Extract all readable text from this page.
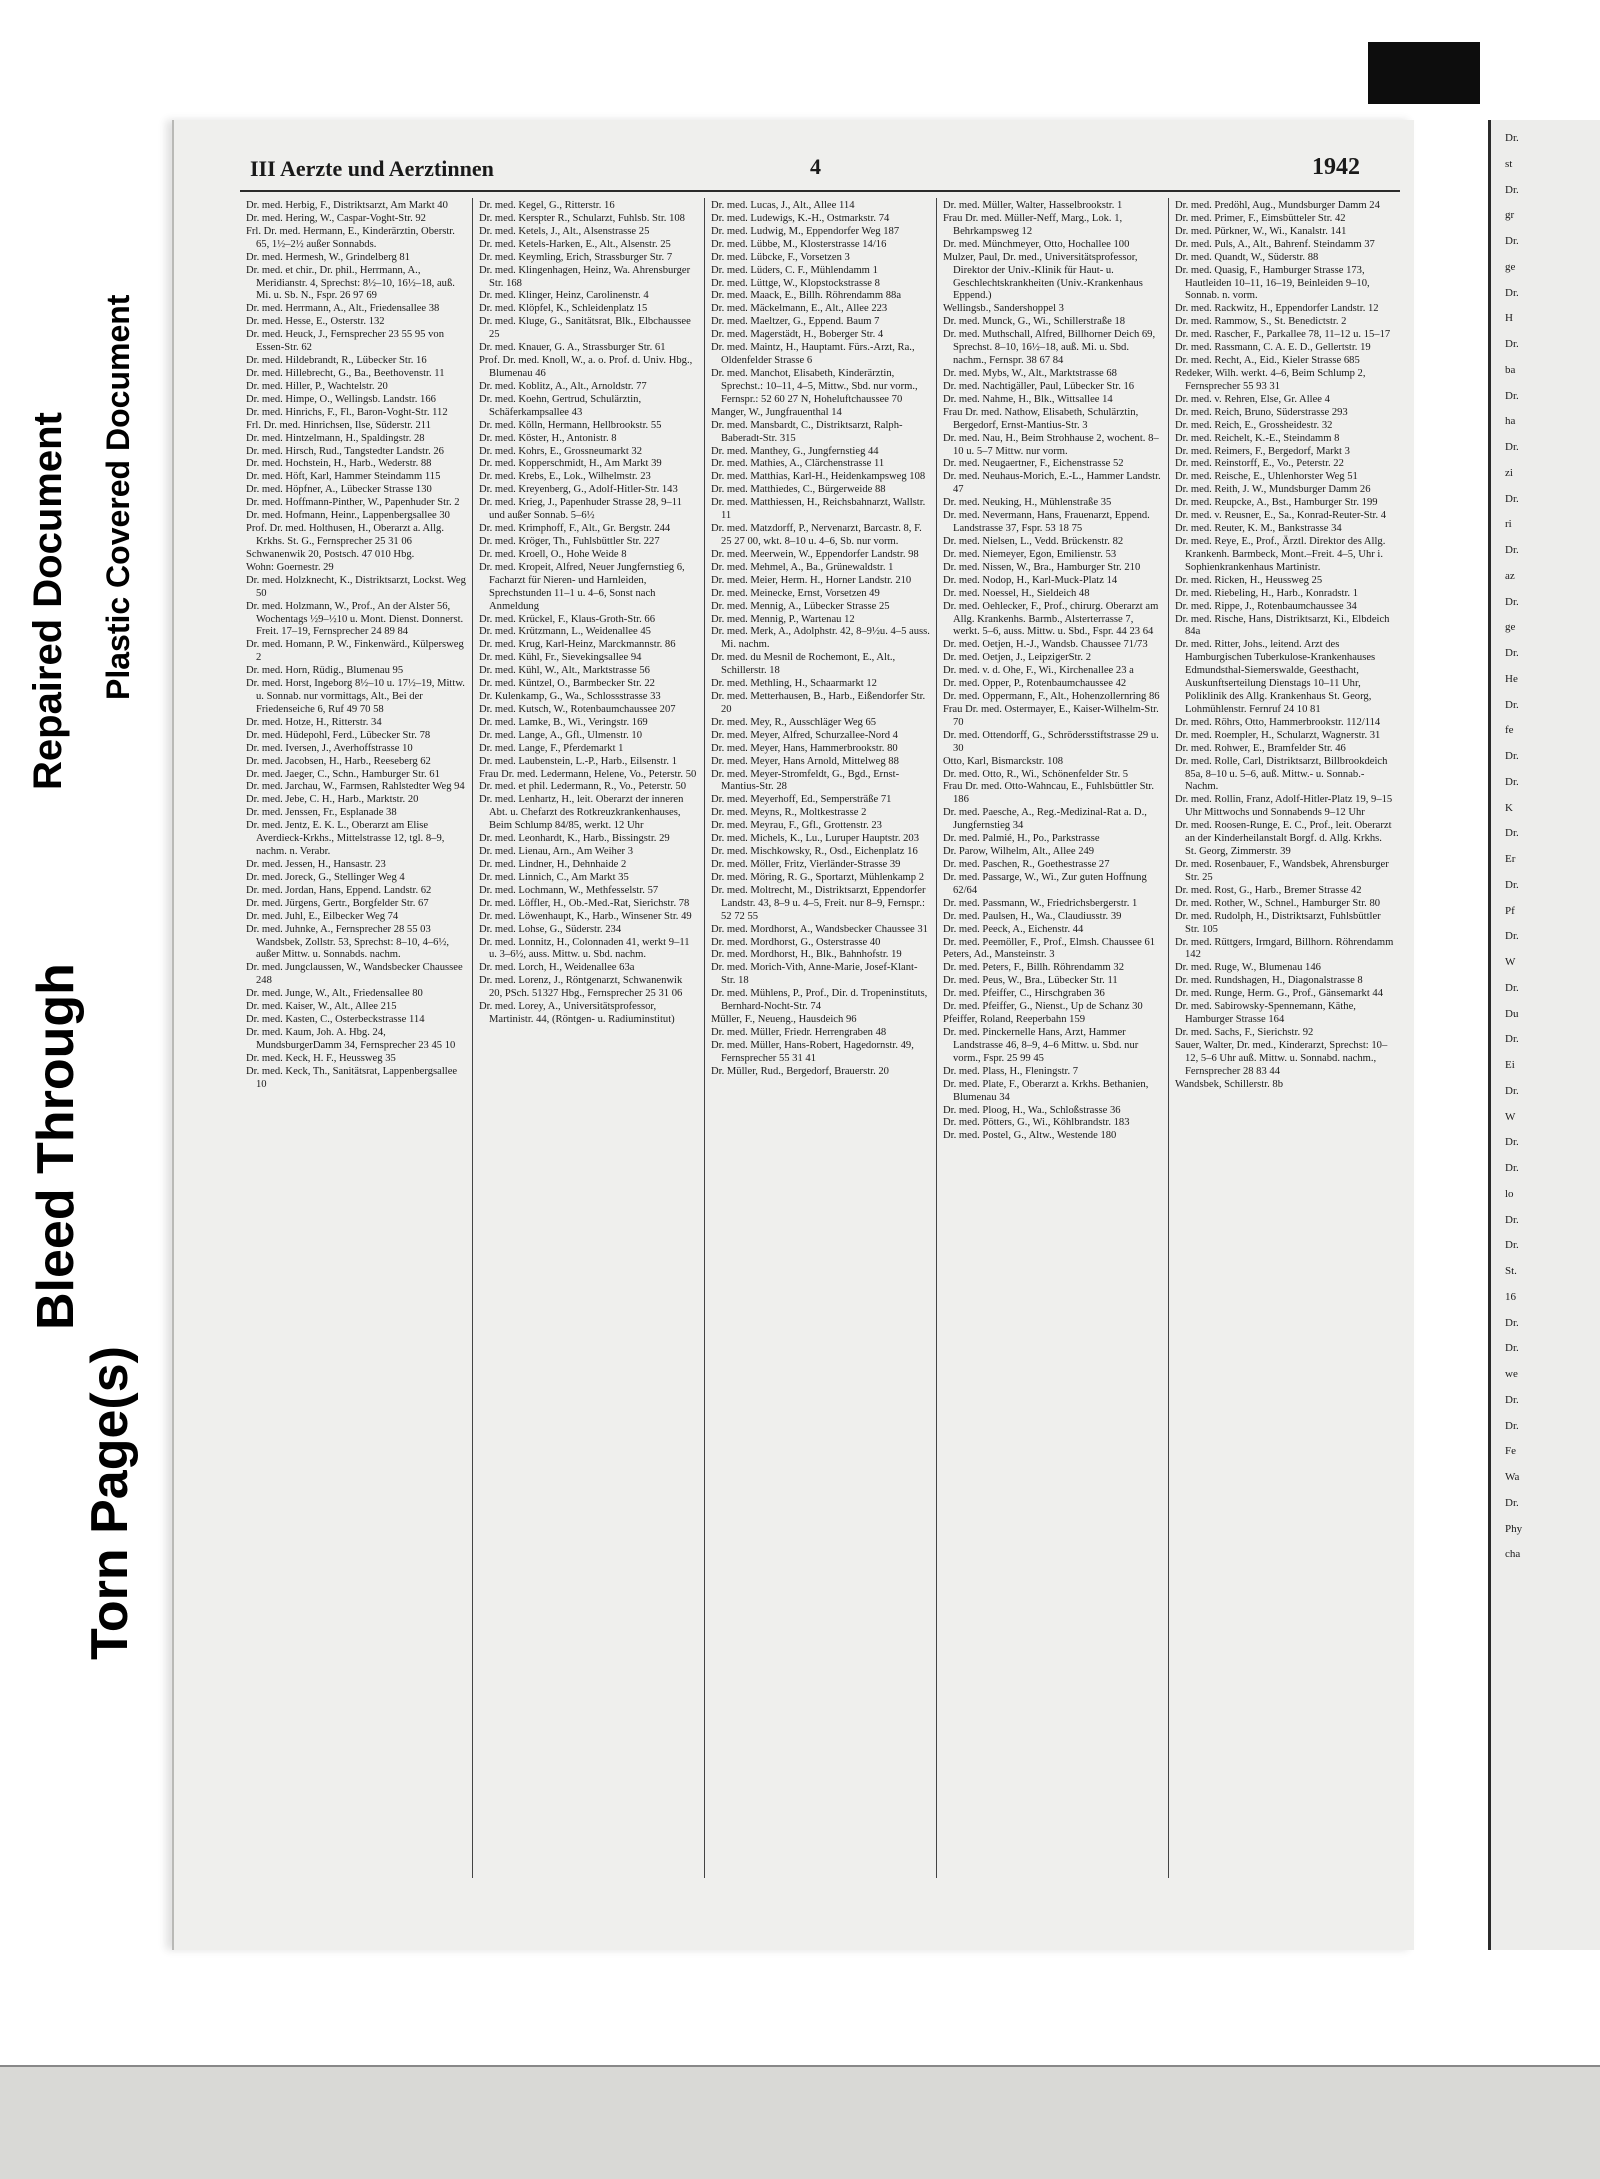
Bleed Through
Torn Page(s)
Repaired Document Plastic Covered Document
III Aerzte und Aerztinnen	4	1942

Dr. med. Herbig, F., Distriktsarzt, Am Markt 40

Dr. med. Hering, W., Caspar-Voght-Str. 92

Frl. Dr. med. Hermann, E., Kinderärztin, Oberstr. 65, 1½–2½ außer Sonnabds.

Dr. med. Hermesh, W., Grindelberg 81

Dr. med. et chir., Dr. phil., Herrmann, A., Meridianstr. 4, Sprechst: 8½–10, 16½–18, auß. Mi. u. Sb. N., Fspr. 26 97 69

Dr. med. Herrmann, A., Alt., Friedensallee 38

Dr. med. Hesse, E., Osterstr. 132

Dr. med. Heuck, J., Fernsprecher 23 55 95 von Essen-Str. 62

Dr. med. Hildebrandt, R., Lübecker Str. 16

Dr. med. Hillebrecht, G., Ba., Beethovenstr. 11

Dr. med. Hiller, P., Wachtelstr. 20

Dr. med. Himpe, O., Wellingsb. Landstr. 166

Dr. med. Hinrichs, F., Fl., Baron-Voght-Str. 112

Frl. Dr. med. Hinrichsen, Ilse, Süderstr. 211

Dr. med. Hintzelmann, H., Spaldingstr. 28

Dr. med. Hirsch, Rud., Tangstedter Landstr. 26

Dr. med. Hochstein, H., Harb., Wederstr. 88

Dr. med. Höft, Karl, Hammer Steindamm 115

Dr. med. Höpfner, A., Lübecker Strasse 130

Dr. med. Hoffmann-Pinther, W., Papenhuder Str. 2

Dr. med. Hofmann, Heinr., Lappenbergsallee 30

Prof. Dr. med. Holthusen, H., Oberarzt a. Allg. Krkhs. St. G., Fernsprecher 25 31 06

Schwanenwik 20, Postsch. 47 010 Hbg.

Wohn: Goernestr. 29

Dr. med. Holzknecht, K., Distriktsarzt, Lockst. Weg 50

Dr. med. Holzmann, W., Prof., An der Alster 56, Wochentags ½9–½10 u. Mont. Dienst. Donnerst. Freit. 17–19, Fernsprecher 24 89 84

Dr. med. Homann, P. W., Finkenwärd., Külpersweg 2

Dr. med. Horn, Rüdig., Blumenau 95

Dr. med. Horst, Ingeborg 8½–10 u. 17½–19, Mittw. u. Sonnab. nur vormittags, Alt., Bei der Friedenseiche 6, Ruf 49 70 58

Dr. med. Hotze, H., Ritterstr. 34

Dr. med. Hüdepohl, Ferd., Lübecker Str. 78

Dr. med. Iversen, J., Averhoffstrasse 10

Dr. med. Jacobsen, H., Harb., Reeseberg 62

Dr. med. Jaeger, C., Schn., Hamburger Str. 61

Dr. med. Jarchau, W., Farmsen, Rahlstedter Weg 94

Dr. med. Jebe, C. H., Harb., Marktstr. 20

Dr. med. Jenssen, Fr., Esplanade 38

Dr. med. Jentz, E. K. L., Oberarzt am Elise Averdieck-Krkhs., Mittelstrasse 12, tgl. 8–9, nachm. n. Verabr.

Dr. med. Jessen, H., Hansastr. 23

Dr. med. Joreck, G., Stellinger Weg 4

Dr. med. Jordan, Hans, Eppend. Landstr. 62

Dr. med. Jürgens, Gertr., Borgfelder Str. 67

Dr. med. Juhl, E., Eilbecker Weg 74

Dr. med. Juhnke, A., Fernsprecher 28 55 03 Wandsbek, Zollstr. 53, Sprechst: 8–10, 4–6½, außer Mittw. u. Sonnabds. nachm.

Dr. med. Jungclaussen, W., Wandsbecker Chaussee 248

Dr. med. Junge, W., Alt., Friedensallee 80

Dr. med. Kaiser, W., Alt., Allee 215

Dr. med. Kasten, C., Osterbeckstrasse 114

Dr. med. Kaum, Joh. A. Hbg. 24, MundsburgerDamm 34, Fernsprecher 23 45 10

Dr. med. Keck, H. F., Heussweg 35

Dr. med. Keck, Th., Sanitätsrat, Lappenbergsallee 10

Dr. med. Kegel, G., Ritterstr. 16

Dr. med. Kerspter R., Schularzt, Fuhlsb. Str. 108

Dr. med. Ketels, J., Alt., Alsenstrasse 25

Dr. med. Ketels-Harken, E., Alt., Alsenstr. 25

Dr. med. Keymling, Erich, Strassburger Str. 7

Dr. med. Klingenhagen, Heinz, Wa. Ahrensburger Str. 168

Dr. med. Klinger, Heinz, Carolinenstr. 4

Dr. med. Klöpfel, K., Schleidenplatz 15

Dr. med. Kluge, G., Sanitätsrat, Blk., Elbchaussee 25

Dr. med. Knauer, G. A., Strassburger Str. 61

Prof. Dr. med. Knoll, W., a. o. Prof. d. Univ. Hbg., Blumenau 46

Dr. med. Koblitz, A., Alt., Arnoldstr. 77

Dr. med. Koehn, Gertrud, Schulärztin, Schäferkampsallee 43

Dr. med. Kölln, Hermann, Hellbrookstr. 55

Dr. med. Köster, H., Antonistr. 8

Dr. med. Kohrs, E., Grossneumarkt 32

Dr. med. Kopperschmidt, H., Am Markt 39

Dr. med. Krebs, E., Lok., Wilhelmstr. 23

Dr. med. Kreyenberg, G., Adolf-Hitler-Str. 143

Dr. med. Krieg, J., Papenhuder Strasse 28, 9–11 und außer Sonnab. 5–6½

Dr. med. Krimphoff, F., Alt., Gr. Bergstr. 244

Dr. med. Kröger, Th., Fuhlsbüttler Str. 227

Dr. med. Kroell, O., Hohe Weide 8

Dr. med. Kropeit, Alfred, Neuer Jungfernstieg 6, Facharzt für Nieren- und Harnleiden, Sprechstunden 11–1 u. 4–6, Sonst nach Anmeldung

Dr. med. Krückel, F., Klaus-Groth-Str. 66

Dr. med. Krützmann, L., Weidenallee 45

Dr. med. Krug, Karl-Heinz, Marckmannstr. 86

Dr. med. Kühl, Fr., Sievekingsallee 94

Dr. med. Kühl, W., Alt., Marktstrasse 56

Dr. med. Küntzel, O., Barmbecker Str. 22

Dr. Kulenkamp, G., Wa., Schlossstrasse 33

Dr. med. Kutsch, W., Rotenbaumchaussee 207

Dr. med. Lamke, B., Wi., Veringstr. 169

Dr. med. Lange, A., Gfl., Ulmenstr. 10

Dr. med. Lange, F., Pferdemarkt 1

Dr. med. Laubenstein, L.-P., Harb., Eilsenstr. 1

Frau Dr. med. Ledermann, Helene, Vo., Peterstr. 50

Dr. med. et phil. Ledermann, R., Vo., Peterstr. 50

Dr. med. Lenhartz, H., leit. Oberarzt der inneren Abt. u. Chefarzt des Rotkreuzkrankenhauses, Beim Schlump 84/85, werkt. 12 Uhr

Dr. med. Leonhardt, K., Harb., Bissingstr. 29

Dr. med. Lienau, Arn., Am Weiher 3

Dr. med. Lindner, H., Dehnhaide 2

Dr. med. Linnich, C., Am Markt 35

Dr. med. Lochmann, W., Methfesselstr. 57

Dr. med. Löffler, H., Ob.-Med.-Rat, Sierichstr. 78

Dr. med. Löwenhaupt, K., Harb., Winsener Str. 49

Dr. med. Lohse, G., Süderstr. 234

Dr. med. Lonnitz, H., Colonnaden 41, werkt 9–11 u. 3–6½, auss. Mittw. u. Sbd. nachm.

Dr. med. Lorch, H., Weidenallee 63a

Dr. med. Lorenz, J., Röntgenarzt, Schwanenwik 20, PSch. 51327 Hbg., Fernsprecher 25 31 06

Dr. med. Lorey, A., Universitätsprofessor, Martinistr. 44, (Röntgen- u. Radiuminstitut)

Dr. med. Lucas, J., Alt., Allee 114

Dr. med. Ludewigs, K.-H., Ostmarkstr. 74

Dr. med. Ludwig, M., Eppendorfer Weg 187

Dr. med. Lübbe, M., Klosterstrasse 14/16

Dr. med. Lübcke, F., Vorsetzen 3

Dr. med. Lüders, C. F., Mühlendamm 1

Dr. med. Lüttge, W., Klopstockstrasse 8

Dr. med. Maack, E., Billh. Röhrendamm 88a

Dr. med. Mäckelmann, E., Alt., Allee 223

Dr. med. Maeltzer, G., Eppend. Baum 7

Dr. med. Magerstädt, H., Boberger Str. 4

Dr. med. Maintz, H., Hauptamt. Fürs.-Arzt, Ra., Oldenfelder Strasse 6

Dr. med. Manchot, Elisabeth, Kinderärztin, Sprechst.: 10–11, 4–5, Mittw., Sbd. nur vorm., Fernspr.: 52 60 27 N, Hoheluftchaussee 70

Manger, W., Jungfrauenthal 14

Dr. med. Mansbardt, C., Distriktsarzt, Ralph-Baberadt-Str. 315

Dr. med. Manthey, G., Jungfernstieg 44

Dr. med. Mathies, A., Clärchenstrasse 11

Dr. med. Matthias, Karl-H., Heidenkampsweg 108

Dr. med. Matthiedes, C., Bürgerweide 88

Dr. med. Matthiessen, H., Reichsbahnarzt, Wallstr. 11

Dr. med. Matzdorff, P., Nervenarzt, Barcastr. 8, F. 25 27 00, wkt. 8–10 u. 4–6, Sb. nur vorm.

Dr. med. Meerwein, W., Eppendorfer Landstr. 98

Dr. med. Mehmel, A., Ba., Grünewaldstr. 1

Dr. med. Meier, Herm. H., Horner Landstr. 210

Dr. med. Meinecke, Ernst, Vorsetzen 49

Dr. med. Mennig, A., Lübecker Strasse 25

Dr. med. Mennig, P., Wartenau 12

Dr. med. Merk, A., Adolphstr. 42, 8–9½u. 4–5 auss. Mi. nachm.

Dr. med. du Mesnil de Rochemont, E., Alt., Schillerstr. 18

Dr. med. Methling, H., Schaarmarkt 12

Dr. med. Metterhausen, B., Harb., Eißendorfer Str. 20

Dr. med. Mey, R., Ausschläger Weg 65

Dr. med. Meyer, Alfred, Schurzallee-Nord 4

Dr. med. Meyer, Hans, Hammerbrookstr. 80

Dr. med. Meyer, Hans Arnold, Mittelweg 88

Dr. med. Meyer-Stromfeldt, G., Bgd., Ernst-Mantius-Str. 28

Dr. med. Meyerhoff, Ed., Sempersträße 71

Dr. med. Meyns, R., Moltkestrasse 2

Dr. med. Meyrau, F., Gfl., Grottenstr. 23

Dr. med. Michels, K., Lu., Luruper Hauptstr. 203

Dr. med. Mischkowsky, R., Osd., Eichenplatz 16

Dr. med. Möller, Fritz, Vierländer-Strasse 39

Dr. med. Möring, R. G., Sportarzt, Mühlenkamp 2

Dr. med. Moltrecht, M., Distriktsarzt, Eppendorfer Landstr. 43, 8–9 u. 4–5, Freit. nur 8–9, Fernspr.: 52 72 55

Dr. med. Mordhorst, A., Wandsbecker Chaussee 31

Dr. med. Mordhorst, G., Osterstrasse 40

Dr. med. Mordhorst, H., Blk., Bahnhofstr. 19

Dr. med. Morich-Vith, Anne-Marie, Josef-Klant-Str. 18

Dr. med. Mühlens, P., Prof., Dir. d. Tropeninstituts, Bernhard-Nocht-Str. 74

Müller, F., Neueng., Hausdeich 96

Dr. med. Müller, Friedr. Herrengraben 48

Dr. med. Müller, Hans-Robert, Hagedornstr. 49, Fernsprecher 55 31 41

Dr. Müller, Rud., Bergedorf, Brauerstr. 20

Dr. med. Müller, Walter, Hasselbrookstr. 1

Frau Dr. med. Müller-Neff, Marg., Lok. 1, Behrkampsweg 12

Dr. med. Münchmeyer, Otto, Hochallee 100

Mulzer, Paul, Dr. med., Universitätsprofessor, Direktor der Univ.-Klinik für Haut- u. Geschlechtskrankheiten (Univ.-Krankenhaus Eppend.)

Wellingsb., Sandershoppel 3

Dr. med. Munck, G., Wi., Schillerstraße 18

Dr. med. Muthschall, Alfred, Billhorner Deich 69, Sprechst. 8–10, 16½–18, auß. Mi. u. Sbd. nachm., Fernspr. 38 67 84

Dr. med. Mybs, W., Alt., Marktstrasse 68

Dr. med. Nachtigäller, Paul, Lübecker Str. 16

Dr. med. Nahme, H., Blk., Wittsallee 14

Frau Dr. med. Nathow, Elisabeth, Schulärztin, Bergedorf, Ernst-Mantius-Str. 3

Dr. med. Nau, H., Beim Strohhause 2, wochent. 8–10 u. 5–7 Mittw. nur vorm.

Dr. med. Neugaertner, F., Eichenstrasse 52

Dr. med. Neuhaus-Morich, E.-L., Hammer Landstr. 47

Dr. med. Neuking, H., Mühlenstraße 35

Dr. med. Nevermann, Hans, Frauenarzt, Eppend. Landstrasse 37, Fspr. 53 18 75

Dr. med. Nielsen, L., Vedd. Brückenstr. 82

Dr. med. Niemeyer, Egon, Emilienstr. 53

Dr. med. Nissen, W., Bra., Hamburger Str. 210

Dr. med. Nodop, H., Karl-Muck-Platz 14

Dr. med. Noessel, H., Sieldeich 48

Dr. med. Oehlecker, F., Prof., chirurg. Oberarzt am Allg. Krankenhs. Barmb., Alsterterrasse 7, werkt. 5–6, auss. Mittw. u. Sbd., Fspr. 44 23 64

Dr. med. Oetjen, H.-J., Wandsb. Chaussee 71/73

Dr. med. Oetjen, J., LeipzigerStr. 2

Dr. med. v. d. Ohe, F., Wi., Kirchenallee 23 a

Dr. med. Opper, P., Rotenbaumchaussee 42

Dr. med. Oppermann, F., Alt., Hohenzollernring 86

Frau Dr. med. Ostermayer, E., Kaiser-Wilhelm-Str. 70

Dr. med. Ottendorff, G., Schrödersstiftstrasse 29 u. 30

Otto, Karl, Bismarckstr. 108

Dr. med. Otto, R., Wi., Schönenfelder Str. 5

Frau Dr. med. Otto-Wahncau, E., Fuhlsbüttler Str. 186

Dr. med. Paesche, A., Reg.-Medizinal-Rat a. D., Jungfernstieg 34

Dr. med. Palmié, H., Po., Parkstrasse

Dr. Parow, Wilhelm, Alt., Allee 249

Dr. med. Paschen, R., Goethestrasse 27

Dr. med. Passarge, W., Wi., Zur guten Hoffnung 62/64

Dr. med. Passmann, W., Friedrichsbergerstr. 1

Dr. med. Paulsen, H., Wa., Claudiusstr. 39

Dr. med. Peeck, A., Eichenstr. 44

Dr. med. Peemöller, F., Prof., Elmsh. Chaussee 61

Peters, Ad., Mansteinstr. 3

Dr. med. Peters, F., Billh. Röhrendamm 32

Dr. med. Peus, W., Bra., Lübecker Str. 11

Dr. med. Pfeiffer, C., Hirschgraben 36

Dr. med. Pfeiffer, G., Nienst., Up de Schanz 30

Pfeiffer, Roland, Reeperbahn 159

Dr. med. Pinckernelle Hans, Arzt, Hammer Landstrasse 46, 8–9, 4–6 Mittw. u. Sbd. nur vorm., Fspr. 25 99 45

Dr. med. Plass, H., Fleningstr. 7

Dr. med. Plate, F., Oberarzt a. Krkhs. Bethanien, Blumenau 34

Dr. med. Ploog, H., Wa., Schloßstrasse 36

Dr. med. Pötters, G., Wi., Köhlbrandstr. 183

Dr. med. Postel, G., Altw., Westende 180

Dr. med. Predöhl, Aug., Mundsburger Damm 24

Dr. med. Primer, F., Eimsbütteler Str. 42

Dr. med. Pürkner, W., Wi., Kanalstr. 141

Dr. med. Puls, A., Alt., Bahrenf. Steindamm 37

Dr. med. Quandt, W., Süderstr. 88

Dr. med. Quasig, F., Hamburger Strasse 173, Hautleiden 10–11, 16–19, Beinleiden 9–10, Sonnab. n. vorm.

Dr. med. Rackwitz, H., Eppendorfer Landstr. 12

Dr. med. Rammow, S., St. Benedictstr. 2

Dr. med. Rascher, F., Parkallee 78, 11–12 u. 15–17

Dr. med. Rassmann, C. A. E. D., Gellertstr. 19

Dr. med. Recht, A., Eid., Kieler Strasse 685

Redeker, Wilh. werkt. 4–6, Beim Schlump 2, Fernsprecher 55 93 31

Dr. med. v. Rehren, Else, Gr. Allee 4

Dr. med. Reich, Bruno, Süderstrasse 293

Dr. med. Reich, E., Grossheidestr. 32

Dr. med. Reichelt, K.-E., Steindamm 8

Dr. med. Reimers, F., Bergedorf, Markt 3

Dr. med. Reinstorff, E., Vo., Peterstr. 22

Dr. med. Reische, E., Uhlenhorster Weg 51

Dr. med. Reith, J. W., Mundsburger Damm 26

Dr. med. Reupcke, A., Bst., Hamburger Str. 199

Dr. med. v. Reusner, E., Sa., Konrad-Reuter-Str. 4

Dr. med. Reuter, K. M., Bankstrasse 34

Dr. med. Reye, E., Prof., Ärztl. Direktor des Allg. Krankenh. Barmbeck, Mont.–Freit. 4–5, Uhr i. Sophienkrankenhaus Martinistr.

Dr. med. Ricken, H., Heussweg 25

Dr. med. Riebeling, H., Harb., Konradstr. 1

Dr. med. Rippe, J., Rotenbaumchaussee 34

Dr. med. Rische, Hans, Distriktsarzt, Ki., Elbdeich 84a

Dr. med. Ritter, Johs., leitend. Arzt des Hamburgischen Tuberkulose-Krankenhauses Edmundsthal-Siemerswalde, Geesthacht, Auskunftserteilung Dienstags 10–11 Uhr, Poliklinik des Allg. Krankenhaus St. Georg, Lohmühlenstr. Fernruf 24 10 81

Dr. med. Röhrs, Otto, Hammerbrookstr. 112/114

Dr. med. Roempler, H., Schularzt, Wagnerstr. 31

Dr. med. Rohwer, E., Bramfelder Str. 46

Dr. med. Rolle, Carl, Distriktsarzt, Billbrookdeich 85a, 8–10 u. 5–6, auß. Mittw.- u. Sonnab.-Nachm.

Dr. med. Rollin, Franz, Adolf-Hitler-Platz 19, 9–15 Uhr Mittwochs und Sonnabends 9–12 Uhr

Dr. med. Roosen-Runge, E. C., Prof., leit. Oberarzt an der Kinderheilanstalt Borgf. d. Allg. Krkhs. St. Georg, Zimmerstr. 39

Dr. med. Rosenbauer, F., Wandsbek, Ahrensburger Str. 25

Dr. med. Rost, G., Harb., Bremer Strasse 42

Dr. med. Rother, W., Schnel., Hamburger Str. 80

Dr. med. Rudolph, H., Distriktsarzt, Fuhlsbüttler Str. 105

Dr. med. Rüttgers, Irmgard, Billhorn. Röhrendamm 142

Dr. med. Ruge, W., Blumenau 146

Dr. med. Rundshagen, H., Diagonalstrasse 8

Dr. med. Runge, Herm. G., Prof., Gänsemarkt 44

Dr. med. Sabirowsky-Spennemann, Käthe, Hamburger Strasse 164

Dr. med. Sachs, F., Sierichstr. 92

Sauer, Walter, Dr. med., Kinderarzt, Sprechst: 10–12, 5–6 Uhr auß. Mittw. u. Sonnabd. nachm., Fernsprecher 28 83 44

Wandsbek, Schillerstr. 8b

Dr.
st
Dr.
gr
Dr.
ge
Dr.
H
Dr.
ba
Dr.
ha
Dr.
zi
Dr.
ri
Dr.
az
Dr.
ge
Dr.
He
Dr.
fe
Dr.
Dr.
K
Dr.
Er
Dr.
Pf
Dr.
W
Dr.
Du
Dr.
Ei
Dr.
W
Dr.
Dr.
lo
Dr.
Dr.
St.
16
Dr.
Dr.
we
Dr.
Dr.
Fe
Wa
Dr.
Phy
cha
